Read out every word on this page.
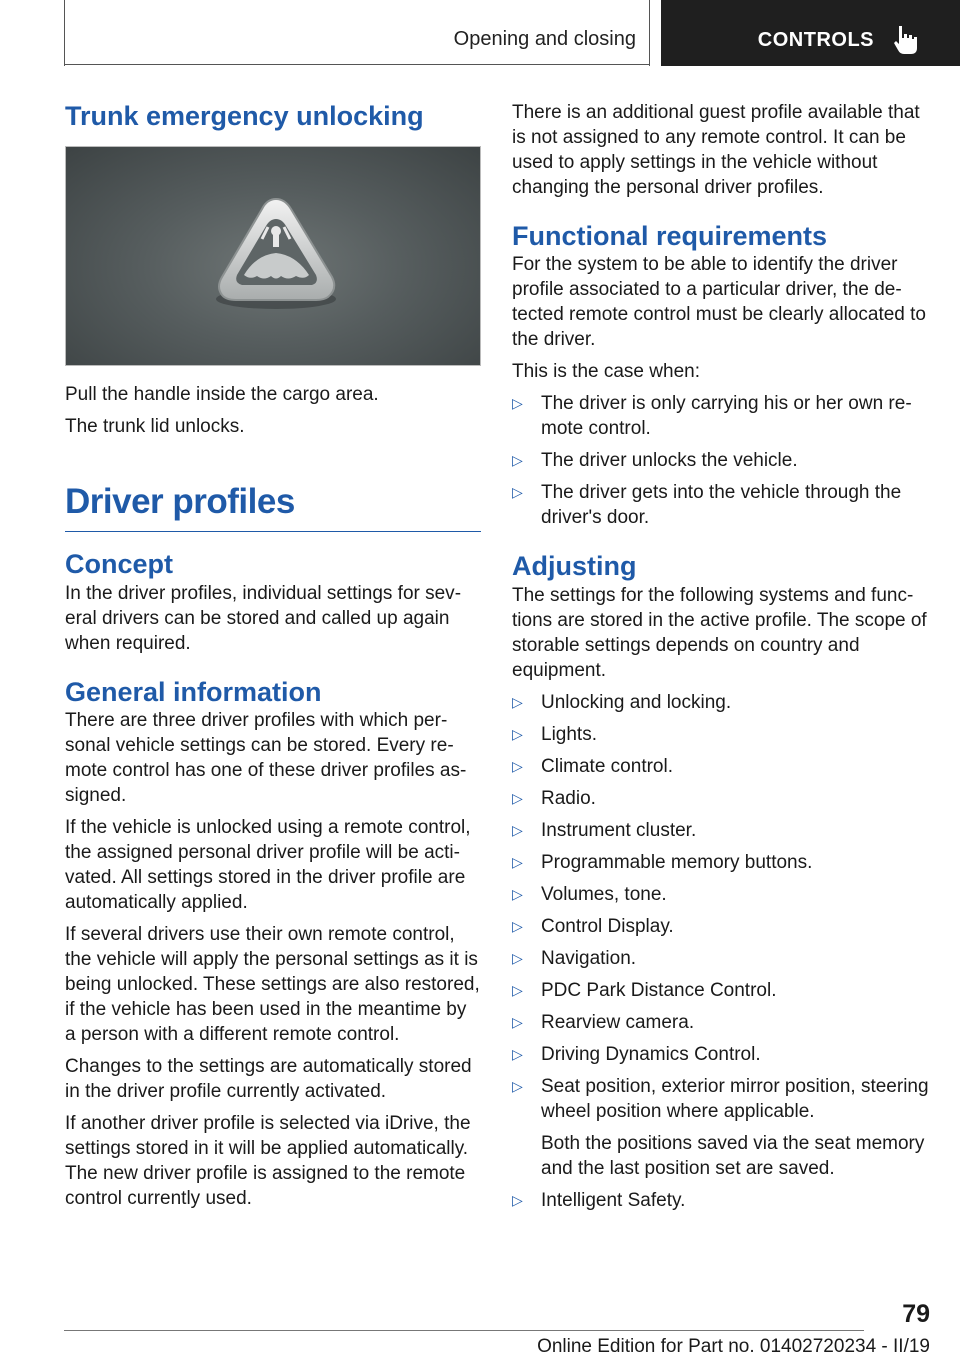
Opening and closing	CONTROLS
Trunk emergency unlocking

Pull the handle inside the cargo area.

The trunk lid unlocks.

Driver profiles
Concept

In the driver profiles, individual settings for several drivers can be stored and called up again when required.

General information

There are three driver profiles with which personal vehicle settings can be stored. Every remote control has one of these driver profiles assigned.

If the vehicle is unlocked using a remote control, the assigned personal driver profile will be activated. All settings stored in the driver profile are automatically applied.

If several drivers use their own remote control, the vehicle will apply the personal settings as it is being unlocked. These settings are also restored, if the vehicle has been used in the meantime by a person with a different remote control.

Changes to the settings are automatically stored in the driver profile currently activated.

If another driver profile is selected via iDrive, the settings stored in it will be applied automatically. The new driver profile is assigned to the remote control currently used.

There is an additional guest profile available that is not assigned to any remote control. It can be used to apply settings in the vehicle without changing the personal driver profiles.

Functional requirements

For the system to be able to identify the driver profile associated to a particular driver, the detected remote control must be clearly allocated to the driver.

This is the case when:

▷ The driver is only carrying his or her own remote control.
▷ The driver unlocks the vehicle.
▷ The driver gets into the vehicle through the driver's door.
Adjusting

The settings for the following systems and functions are stored in the active profile. The scope of storable settings depends on country and equipment.

▷ Unlocking and locking.
▷ Lights.
▷ Climate control.
▷ Radio.
▷ Instrument cluster.
▷ Programmable memory buttons.
▷ Volumes, tone.
▷ Control Display.
▷ Navigation.
▷ PDC Park Distance Control.
▷ Rearview camera.
▷ Driving Dynamics Control.
▷ Seat position, exterior mirror position, steering wheel position where applicable.

Both the positions saved via the seat memory and the last position set are saved.

▷ Intelligent Safety.
79
Online Edition for Part no. 01402720234 - II/19
